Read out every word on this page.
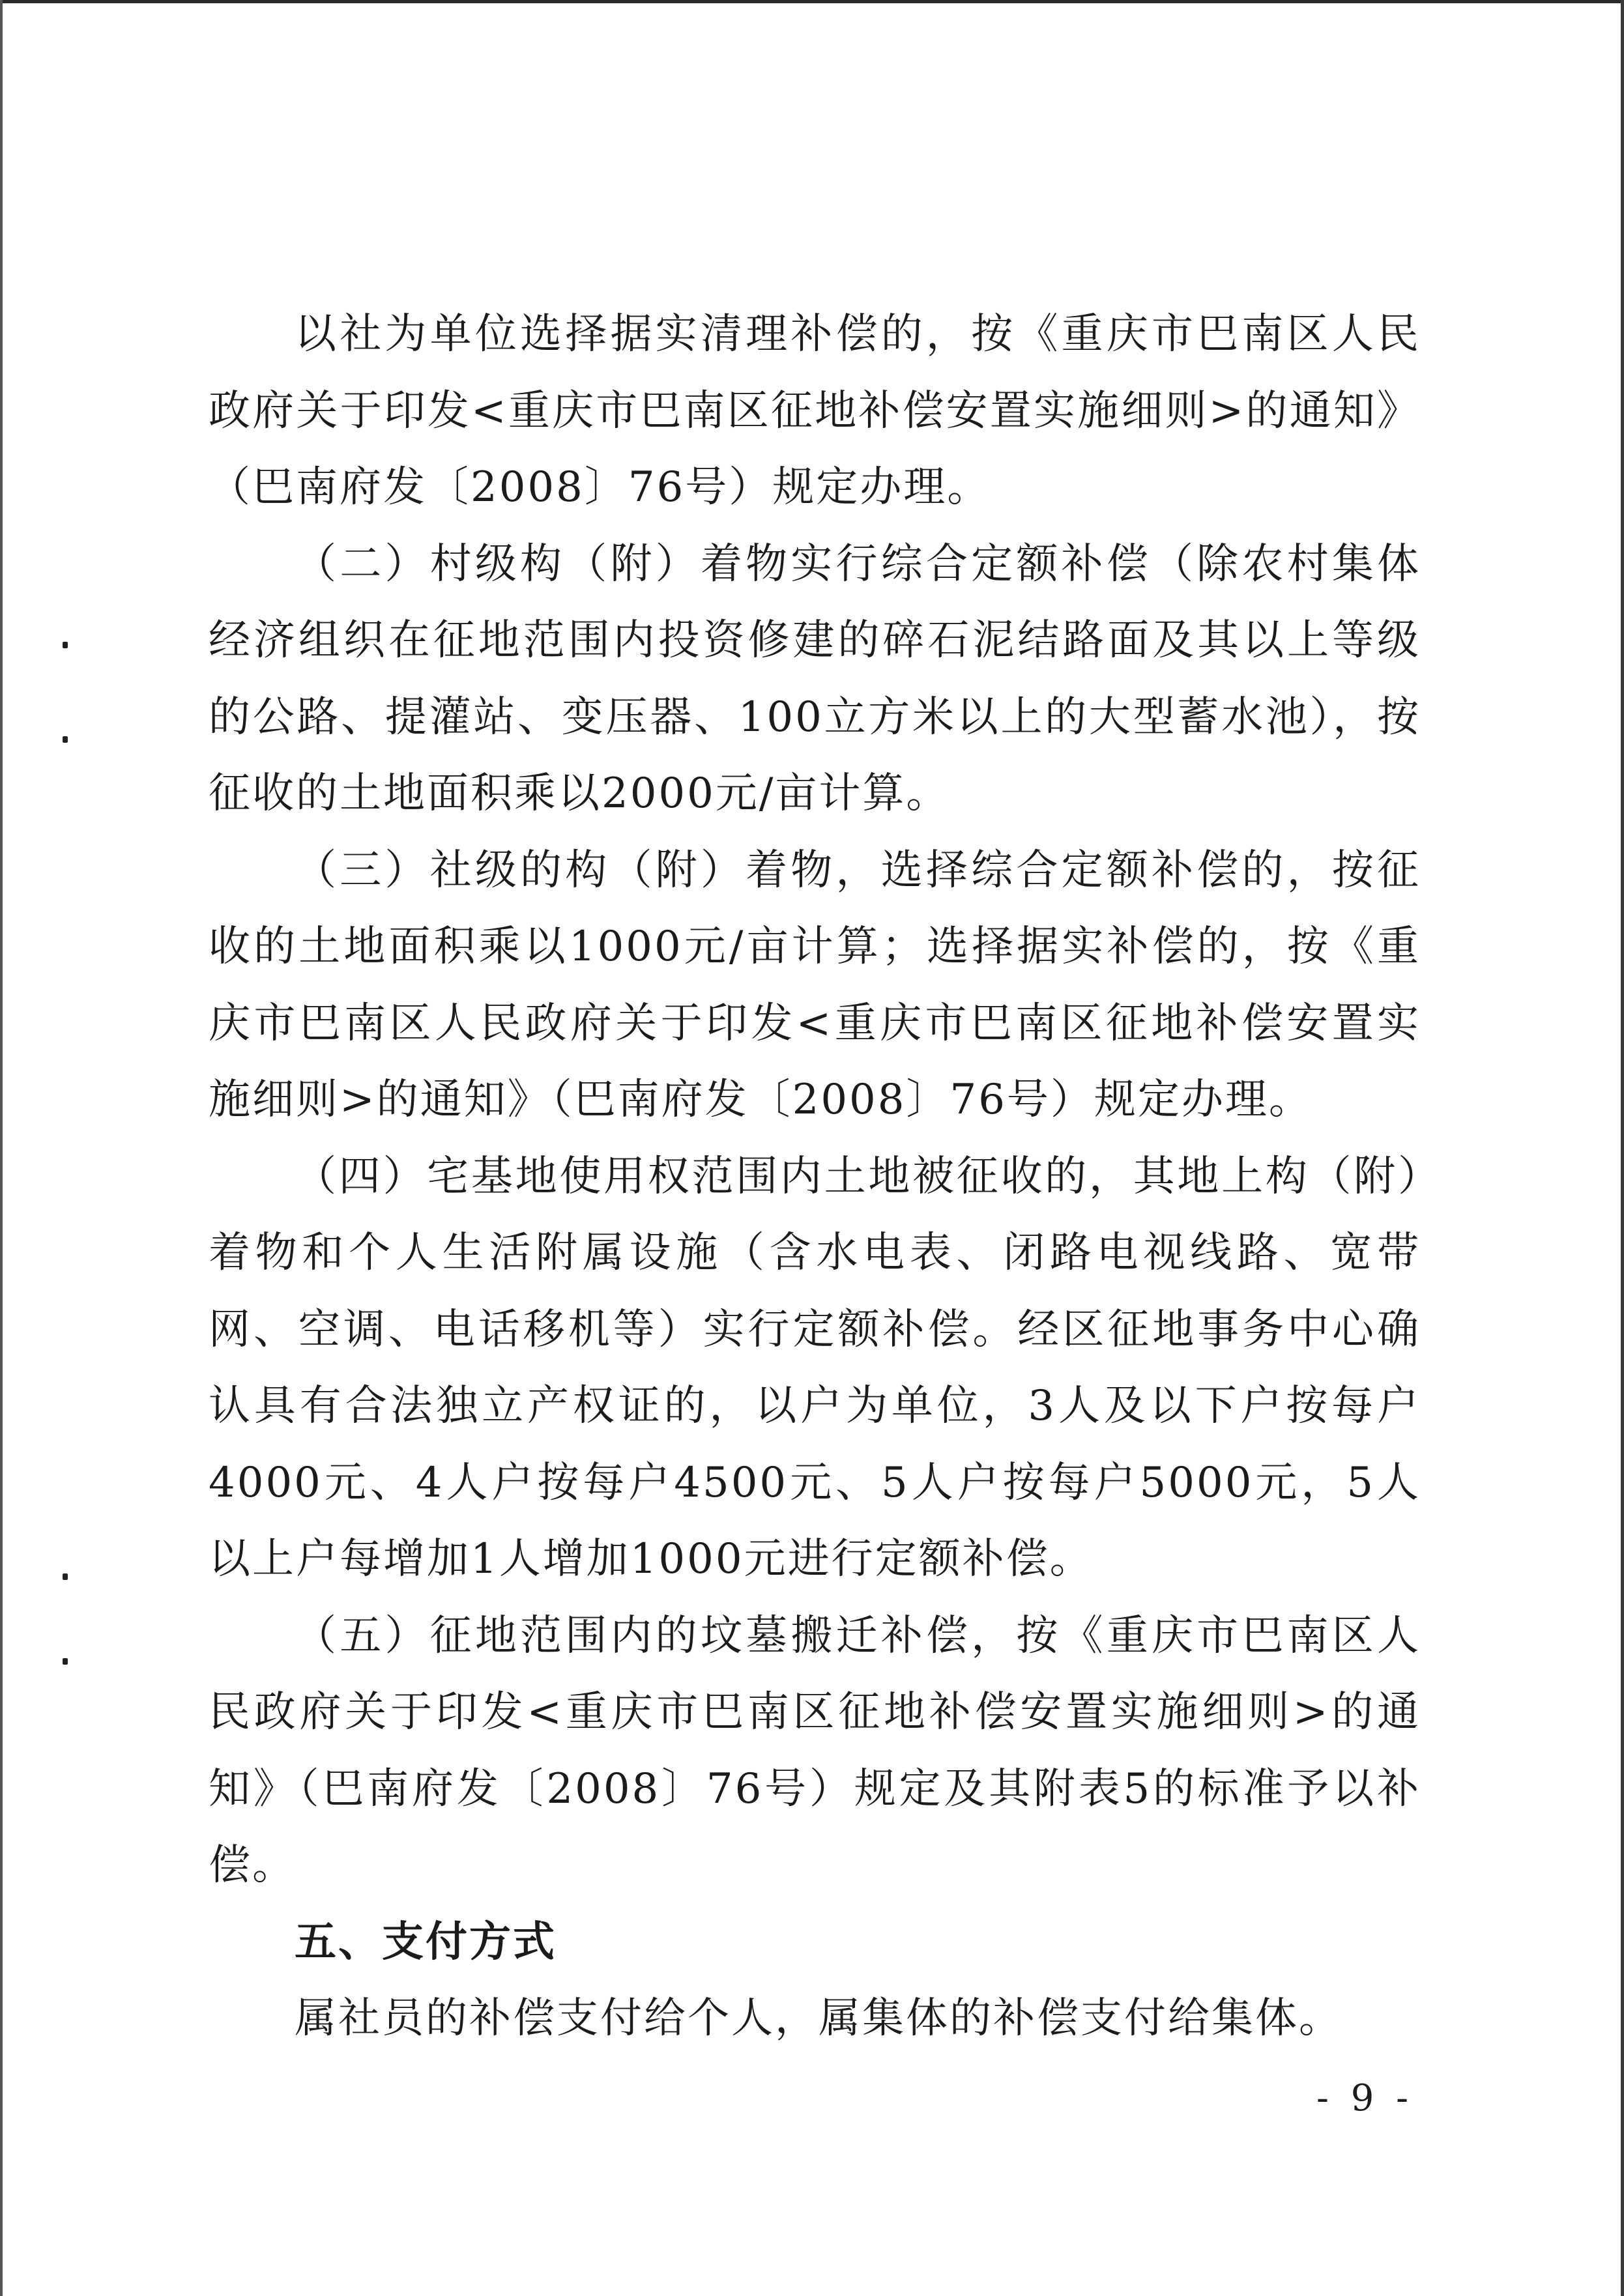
以社为单位选择据实清理补偿的，按《重庆市巴南区人民政府关于印发<重庆市巴南区征地补偿安置实施细则>的通知》（巴南府发〔2008〕76号）规定办理。

（二）村级构（附）着物实行综合定额补偿（除农村集体经济组织在征地范围内投资修建的碎石泥结路面及其以上等级的公路、提灌站、变压器、100立方米以上的大型蓄水池），按征收的土地面积乘以2000元/亩计算。

（三）社级的构（附）着物，选择综合定额补偿的，按征收的土地面积乘以1000元/亩计算；选择据实补偿的，按《重庆市巴南区人民政府关于印发<重庆市巴南区征地补偿安置实施细则>的通知》（巴南府发〔2008〕76号）规定办理。

（四）宅基地使用权范围内土地被征收的，其地上构（附）着物和个人生活附属设施（含水电表、闭路电视线路、宽带网、空调、电话移机等）实行定额补偿。经区征地事务中心确认具有合法独立产权证的，以户为单位，3人及以下户按每户4000元、4人户按每户4500元、5人户按每户5000元，5人以上户每增加1人增加1000元进行定额补偿。

（五）征地范围内的坟墓搬迁补偿，按《重庆市巴南区人民政府关于印发<重庆市巴南区征地补偿安置实施细则>的通知》（巴南府发〔2008〕76号）规定及其附表5的标准予以补偿。

五、支付方式

属社员的补偿支付给个人，属集体的补偿支付给集体。

- 9 -
